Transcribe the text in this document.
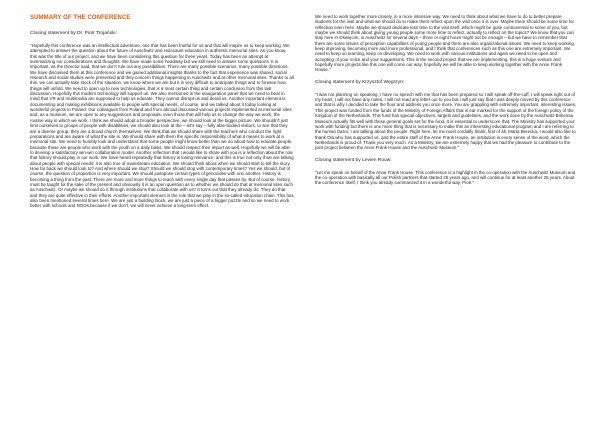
SUMMARY OF THE CONFERENCE
Closing statement by Dr. Piotr Trojański:
"Hopefully this conference was an intellectual adventure, one that has been fruitful for us and that will inspire us to keep working. We attempted to answer the question about the future of Auschwitz and Holocaust education in authentic memorial sites. As you know, this was the title of our project, and we have been considering this question for three years. Today has been an attempt at summarizing our considerations and thoughts. We have made some headway but we still need to answer some questions. It is important, as the Director said, that we don't rule out any possibilities. There are many possible scenarios, many possible directions. We have discussed them at this conference and we gained additional insights thanks to the fact that experience was shared, social research and social studies were presented and they concern things happening in Auschwitz and at other memorial sites. Thanks to all this, we can actually take stock of the situation; we know where we are but it is very difficult to anticipate things and to foresee how things will unfold. We need to open up to new technologies, that is a most certain thing and certain conclusion from this last discussion. Hopefully this modern technology will support us. We also mentioned in the inauguration panel that we need to bear in mind that VR and multimedia are supposed to help us educate. They cannot disrupt us and derail us. Another important element is documenting and making exhibitions available to people with special needs, of course, and we talked about it today looking at wonderful projects in Poland. Our colleagues from Poland and from abroad discussed various projects implemented at memorial sites and, as a museum, we are open to any suggestions and proposals, even those that will help us to change the way we work, the routine way in which we work. I think we should adopt a broader perspective, we should look at the bigger picture. We shouldn't just limit ourselves to groups of people with disabilities, we should also look at the – let's say – fully able-bodied visitors, to see that they are a diverse group, they are a broad church themselves. We think that we should share with the teachers who conduct the right preparations and are aware of what the site is. We should share with them the specific responsibility of what it means to work at a memorial site. We need to humbly look and understand that some people might know better than we do about how to educate people, because these are people who work with the youth on a daily basis. We should respect their import as well. Hopefully we will be able to develop a satisfactory win-win collaboration model. Another reflection that I would like to share with you is a reflection about the role that history should play in our work. We have heard repeatedly that history is losing relevance, and this is true not only if we are talking about people with special needs; it is also true of mainstream education. We should think about when we should start to tell the story. How far back we should look to? And where should we stop? Should we should stop with contemporary times? Yes we should, but of course, the question of proportion is very important. We should juxtapose certain types of genocides with one another. History is becoming a thing from the past. There are more and more things to teach with every single day that passes by. But of course, history must be taught for the sake of the present and obviously it is an open question as to whether we should do that at memorial sites such as Auschwitz. Or maybe we should do it through institutions that collaborate with us? It turns out that they already do. They do that and they are quite effective in their efforts. Another important element is the role that we play in the so-called education chain. This has also been mentioned several times here. We are just a building block, we are just a piece of a bigger puzzle and so we need to work better with schools and NGOs because if we don't, we will never achieve a long-term effect.
We need to work together more closely, in a more intensive way. We need to think about what we have to do to better prepare students for the visit and what we should do to make them reflect upon the visit once it is over. Maybe there should be some time for reflection even here. Maybe we should dedicate less time to the visit itself, which might be quite controversial to some of you, but maybe we should think about giving young people some more time to reflect, actually to reflect on the topics? We know that you can stay here in Oświęcim, in Auschwitz for several days – three or eight hours might not be enough – but we have to remember that there are some issues of perception capabilities of young people and there are also organizational issues. We need to keep working, keep improving, becoming more and more professional, and I think that conferences such as this one are extremely important. We need to keep on learning, keep on developing. We need to work with various institutions and again we need to be open and accepting of your voice and your suggestions. This is the second project that we are implementing, this is a huge venture and hopefully more projects like this one will come our way, hopefully we will be able to keep working together with the Anne Frank House."
Closing statement by Krzysztof Węgrzyn:
"I was not planning on speaking, I have no speech with me that has been prepared so I will speak off-the-cuff, I will speak right out of my heart, I will not have any notes, I will not read any letter out to you but I will just say that I was deeply moved by this conference and that is why I decided to take the floor and address you once more. You are grappling with extremely important, interesting issues. This project was funded from the funds of the Ministry of Foreign Affairs that is ear marked for the support of the foreign policy of the Kingdom of the Netherlands. This fund has special objectives, targets and guidelines, and the work done by the Auschwitz-Birkenau Museum actually fits well with these general goals set for the fund. It is essential to underscore that. The Ministry has supported your work with funding but there is one more thing that is necessary to make this an interesting educational program and I am referring to the human factor, I am talking about the people. Right here, let me most cordially thank, first of all, Marta Berecka, I would also like to thank Ola who has supported us, and the entire staff of the Anne Frank House, an institution in every sense of the word, which the Netherlands is proud of. Thank you very much. As a Ministry, we are extremely happy that we had the pleasure to contribute to the joint project between the Anne Frank House and the Auschwitz Museum."
Closing statement by Levien Rouw:
"Let me speak on behalf of the Anne Frank House. This conference is a highlight in the co-operation with the Auschwitz Museum and the co-operation with basically all our Polish partners that started 25 years ago, and will continue for at least another 25 years. About the conference itself, I think you already summarized it in a wonderful way, Piotr."
